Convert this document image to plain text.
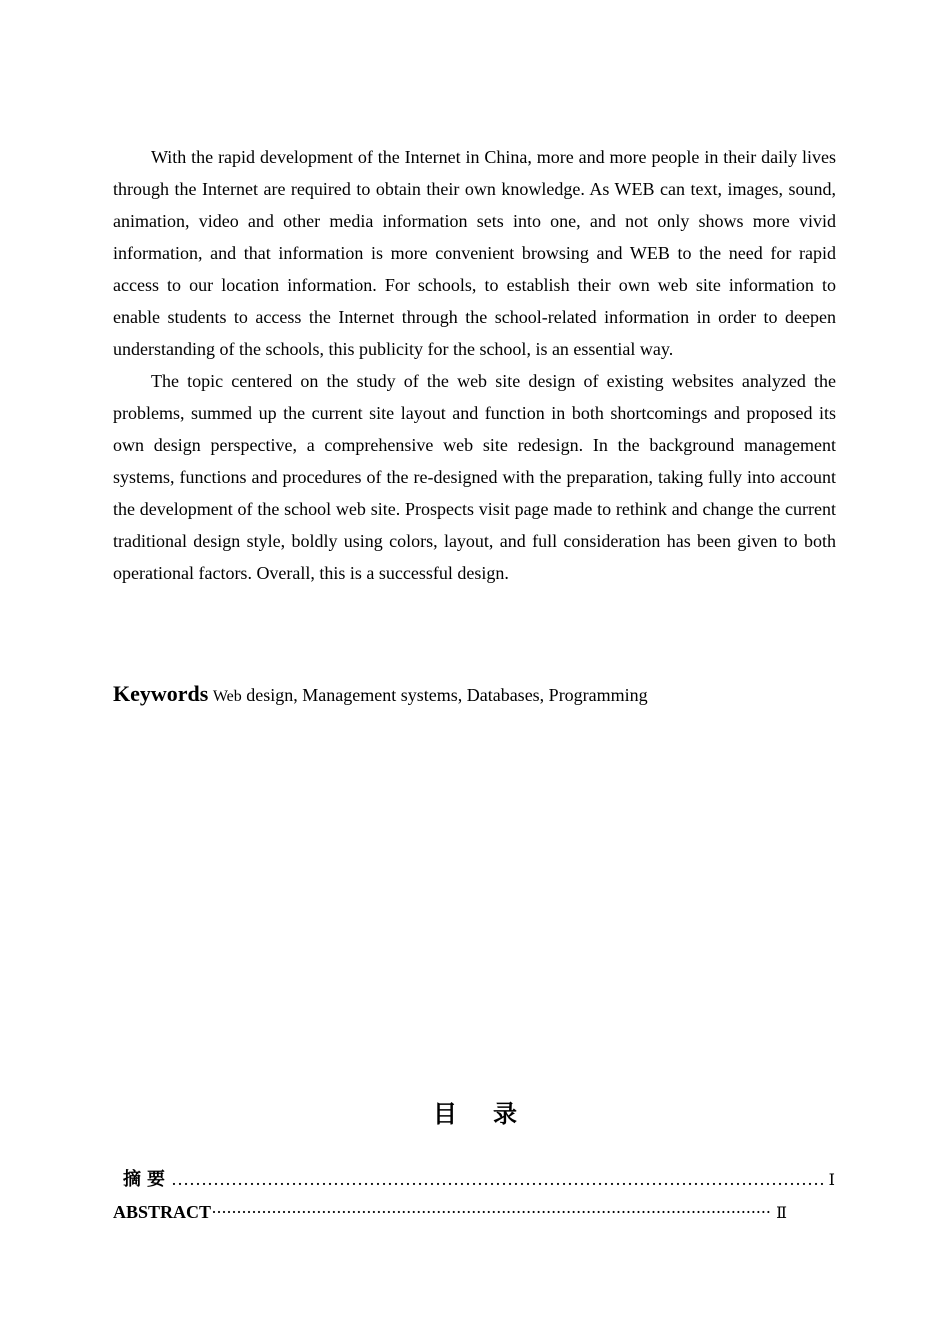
With the rapid development of the Internet in China, more and more people in their daily lives through the Internet are required to obtain their own knowledge. As WEB can text, images, sound, animation, video and other media information sets into one, and not only shows more vivid information, and that information is more convenient browsing and WEB to the need for rapid access to our location information. For schools, to establish their own web site information to enable students to access the Internet through the school-related information in order to deepen understanding of the schools, this publicity for the school, is an essential way.

The topic centered on the study of the web site design of existing websites analyzed the problems, summed up the current site layout and function in both shortcomings and proposed its own design perspective, a comprehensive web site redesign. In the background management systems, functions and procedures of the re-designed with the preparation, taking fully into account the development of the school web site. Prospects visit page made to rethink and change the current traditional design style, boldly using colors, layout, and full consideration has been given to both operational factors. Overall, this is a successful design.

Keywords Web design, Management systems, Databases, Programming
目录
摘要 …………………………………………………………………………………………………………………………………………………………………………………………………………	Ⅰ
ABSTRACT ·····	Ⅱ
